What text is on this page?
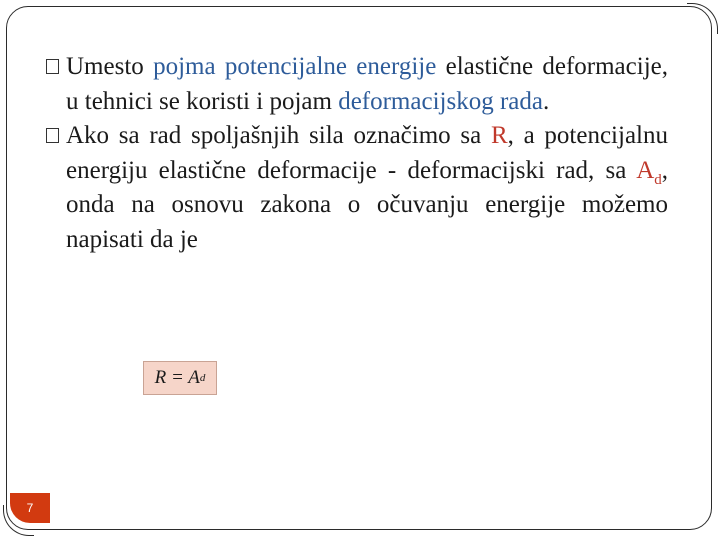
Umesto pojma potencijalne energije elastične deformacije, u tehnici se koristi i pojam deformacijskog rada.

Ako sa rad spoljašnjih sila označimo sa R, a potencijalnu energiju elastične deformacije - deformacijski rad, sa $A_d$, onda na osnovu zakona o očuvanju energije možemo napisati da je

R = A d
7
